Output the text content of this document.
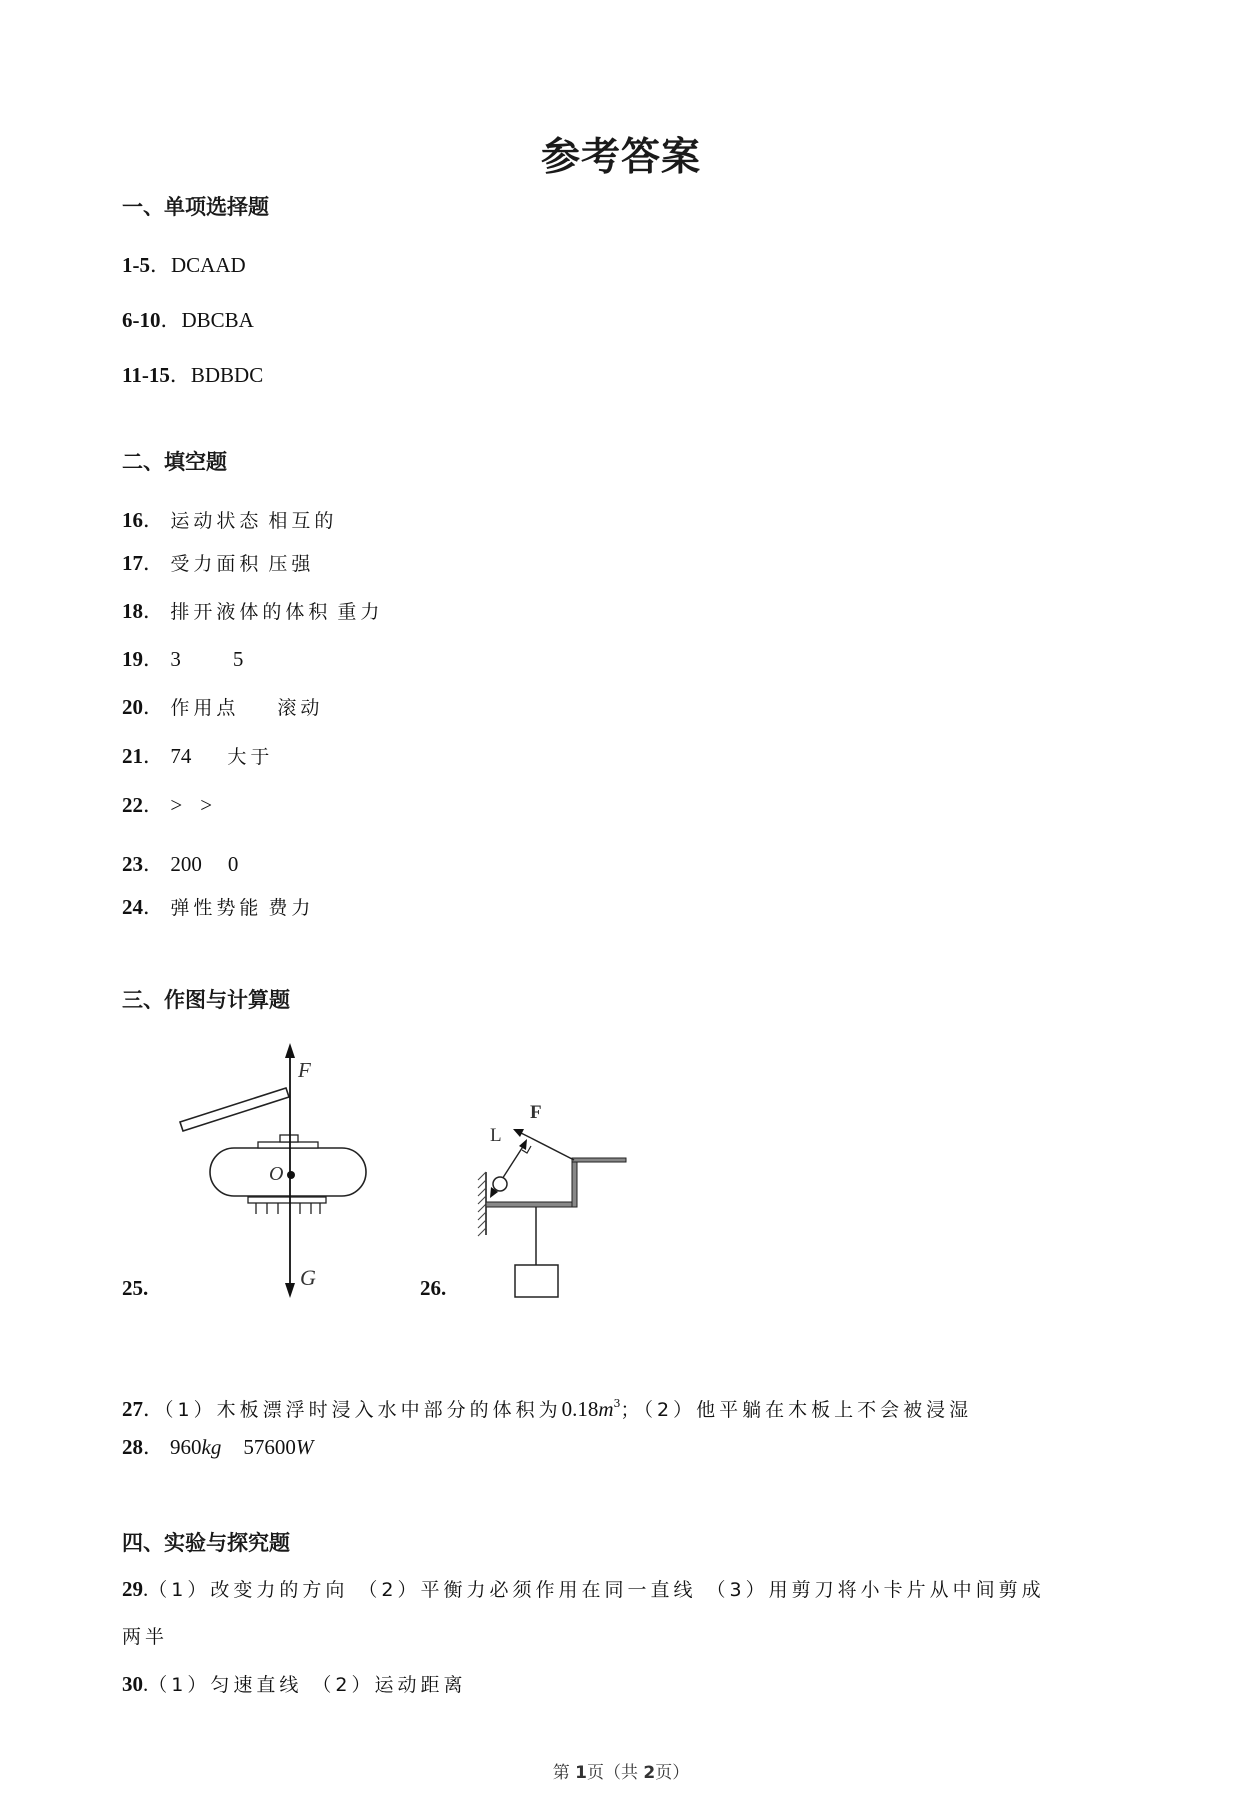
参考答案
一、单项选择题
1-5．DCAAD
6-10．DBCBA
11-15．BDBDC
二、填空题
16． 运动状态 相互的
17． 受力面积 压强
18． 排开液体的体积 重力
19． 3 5
20． 作用点 滚动
21． 74 大于
22． > >
23． 200 0
24． 弹性势能 费力
三、作图与计算题
25.
F
O
G	26.
F
L
27．（1）木板漂浮时浸入水中部分的体积为$0.18m^3$；（2）他平躺在木板上不会被浸湿
28． 960kg 57600W
四、实验与探究题
29.（1）改变力的方向 （2）平衡力必须作用在同一直线 （3）用剪刀将小卡片从中间剪成
两半
30.（1）匀速直线 （2）运动距离
第 1页（共 2页）
